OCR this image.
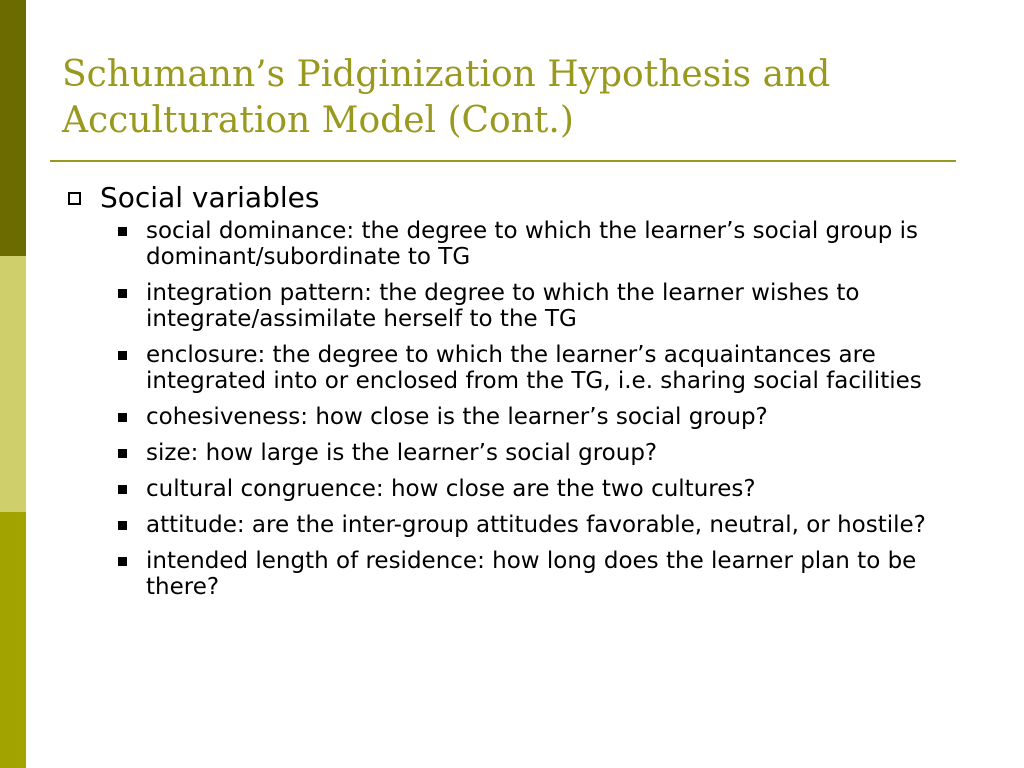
Schumann’s Pidginization Hypothesis and Acculturation Model (Cont.)
Social variables
social dominance: the degree to which the learner’s social group is dominant/subordinate to TG
integration pattern: the degree to which the learner wishes to integrate/assimilate herself to the TG
enclosure: the degree to which the learner’s acquaintances are integrated into or enclosed from the TG, i.e. sharing social facilities
cohesiveness: how close is the learner’s social group?
size: how large is the learner’s social group?
cultural congruence: how close are the two cultures?
attitude: are the inter-group attitudes favorable, neutral, or hostile?
intended length of residence: how long does the learner plan to be there?
